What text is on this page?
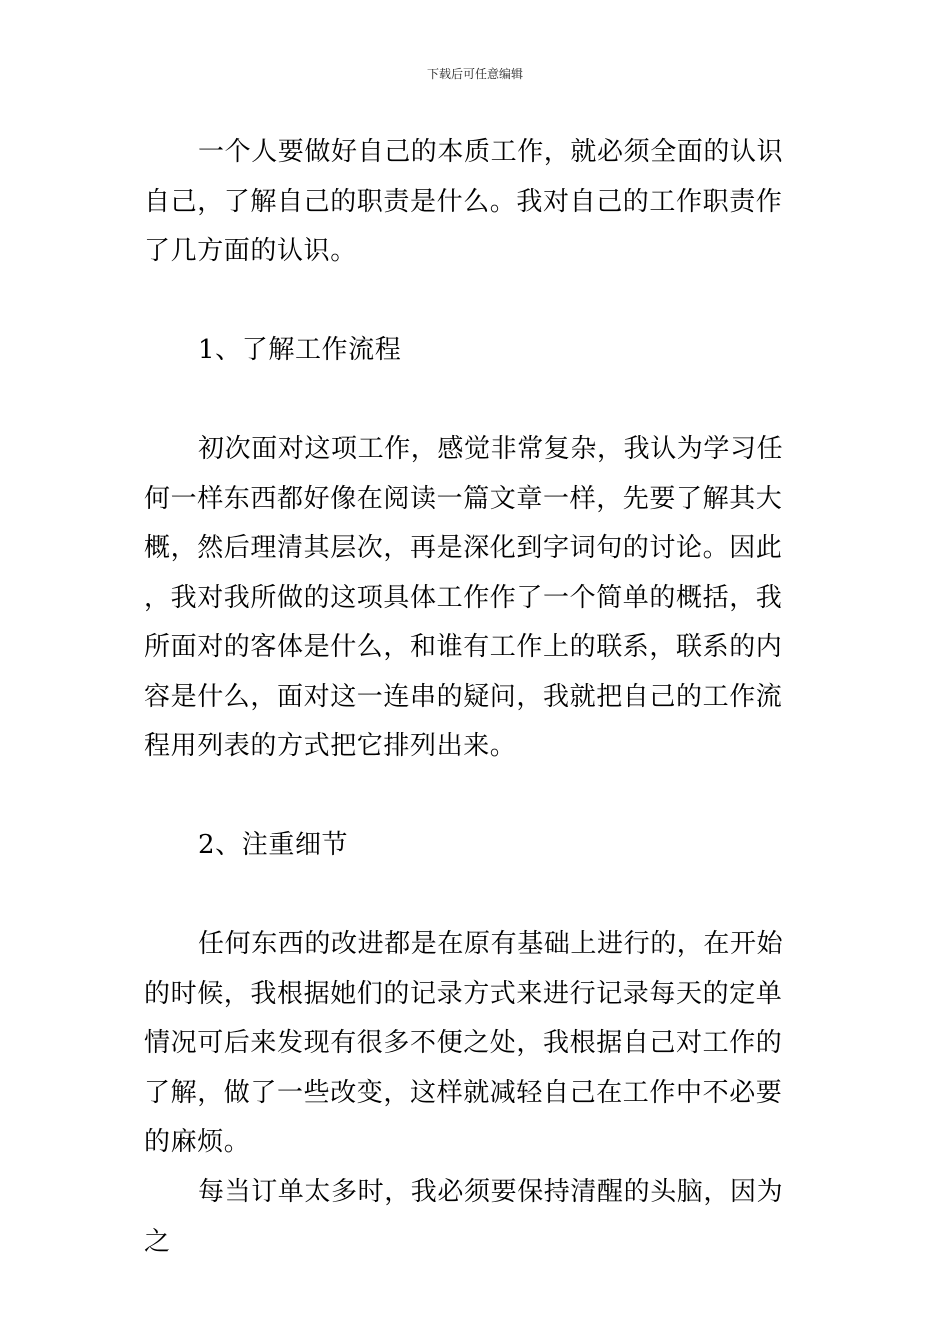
下载后可任意编辑

一个人要做好自己的本质工作，就必须全面的认识自己，了解自己的职责是什么。我对自己的工作职责作了几方面的认识。

1、了解工作流程

初次面对这项工作，感觉非常复杂，我认为学习任何一样东西都好像在阅读一篇文章一样，先要了解其大概，然后理清其层次，再是深化到字词句的讨论。因此，我对我所做的这项具体工作作了一个简单的概括，我所面对的客体是什么，和谁有工作上的联系，联系的内容是什么，面对这一连串的疑问，我就把自己的工作流程用列表的方式把它排列出来。

2、注重细节

任何东西的改进都是在原有基础上进行的，在开始的时候，我根据她们的记录方式来进行记录每天的定单情况可后来发现有很多不便之处，我根据自己对工作的了解，做了一些改变，这样就减轻自己在工作中不必要的麻烦。

每当订单太多时，我必须要保持清醒的头脑，因为之
